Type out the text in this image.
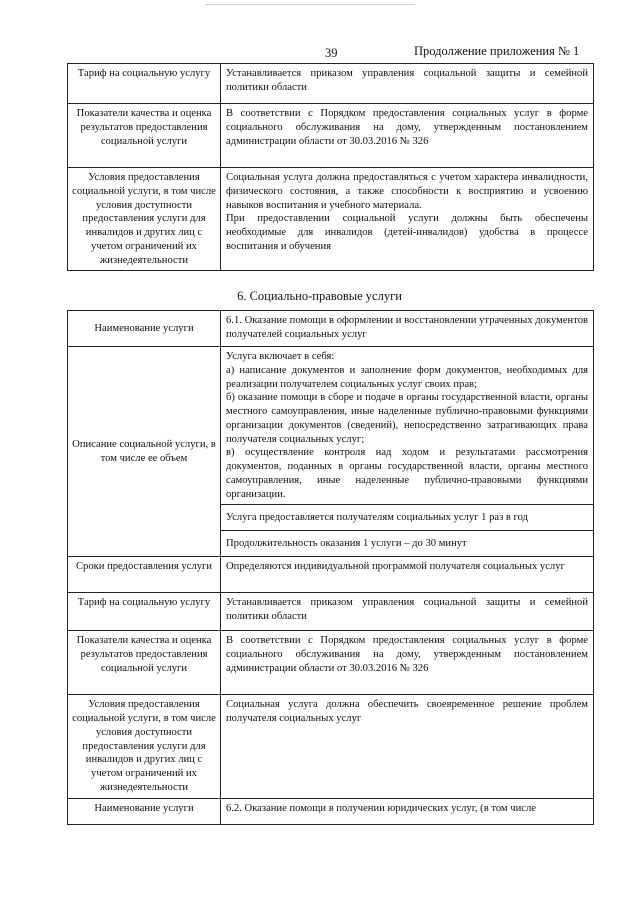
39	Продолжение приложения № 1
Тариф на социальную услугу	Устанавливается приказом управления социальной защиты и семейной политики области
Показатели качества и оценка результатов предоставления социальной услуги	В соответствии с Порядком предоставления социальных услуг в форме социального обслуживания на дому, утвержденным постановлением администрации области от 30.03.2016 № 326
Условия предоставления социальной услуги, в том числе условия доступности предоставления услуги для инвалидов и других лиц с учетом ограничений их жизнедеятельности	Социальная услуга должна предоставляться с учетом характера инвалидности, физического состояния, а также способности к восприятию и усвоению навыков воспитания и учебного материала.
При предоставлении социальной услуги должны быть обеспечены необходимые для инвалидов (детей-инвалидов) удобства в процессе воспитания и обучения
6. Социально-правовые услуги
Наименование услуги	6.1. Оказание помощи в оформлении и восстановлении утраченных документов получателей социальных услуг
Описание социальной услуги, в том числе ее объем	Услуга включает в себя:
а) написание документов и заполнение форм документов, необходимых для реализации получателем социальных услуг своих прав;
б) оказание помощи в сборе и подаче в органы государственной власти, органы местного самоуправления, иные наделенные публично-правовыми функциями организации документов (сведений), непосредственно затрагивающих права получателя социальных услуг;
в) осуществление контроля над ходом и результатами рассмотрения документов, поданных в органы государственной власти, органы местного самоуправления, иные наделенные публично-правовыми функциями организации.

	Услуга предоставляется получателям социальных услуг 1 раз в год
	Продолжительность оказания 1 услуги – до 30 минут
Сроки предоставления услуги	Определяются индивидуальной программой получателя социальных услуг
Тариф на социальную услугу	Устанавливается приказом управления социальной защиты и семейной политики области
Показатели качества и оценка результатов предоставления социальной услуги	В соответствии с Порядком предоставления социальных услуг в форме социального обслуживания на дому, утвержденным постановлением администрации области от 30.03.2016 № 326
Условия предоставления социальной услуги, в том числе условия доступности предоставления услуги для инвалидов и других лиц с учетом ограничений их жизнедеятельности	Социальная услуга должна обеспечить своевременное решение проблем получателя социальных услуг
Наименование услуги	6.2. Оказание помощи в получении юридических услуг, (в том числе
